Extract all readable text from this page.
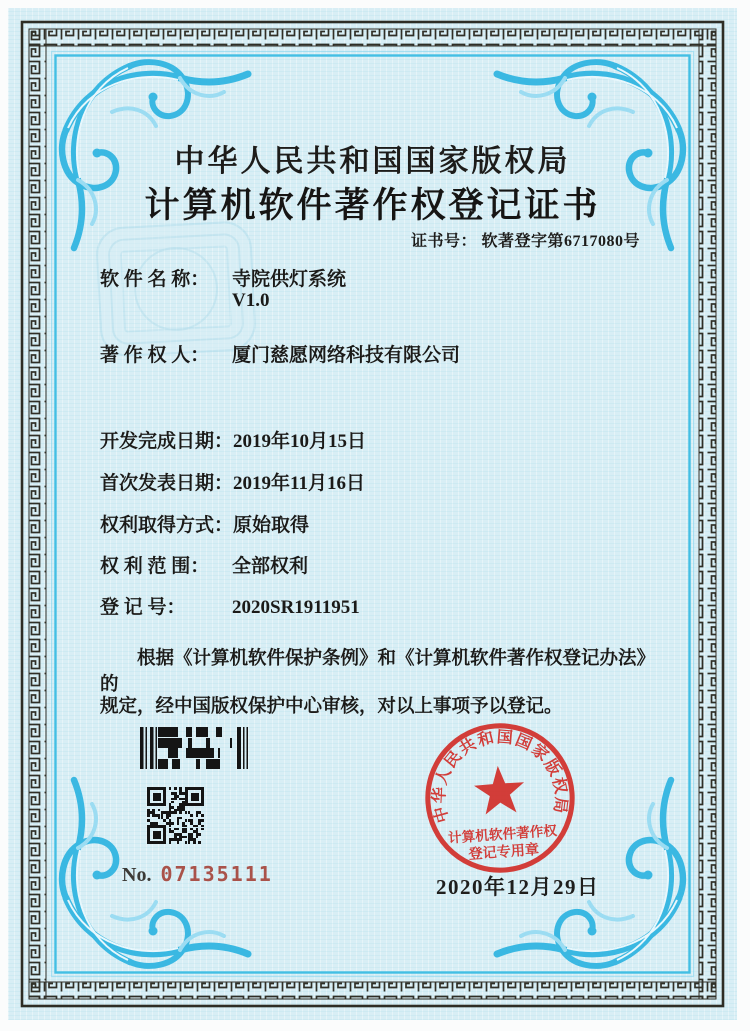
中华人民共和国国家版权局
计算机软件著作权登记证书
证书号： 软著登字第6717080号
软 件 名 称： 寺院供灯系统
V1.0
著 作 权 人： 厦门慈愿网络科技有限公司
开发完成日期：2019年10月15日
首次发表日期：2019年11月16日
权利取得方式：原始取得
权 利 范 围： 全部权利
登 记 号： 2020SR1911951
根据《计算机软件保护条例》和《计算机软件著作权登记办法》的
规定，经中国版权保护中心审核，对以上事项予以登记。
No. 07135111
中华人民共和国国家版权局
计算机软件著作权
登记专用章
2020年12月29日
